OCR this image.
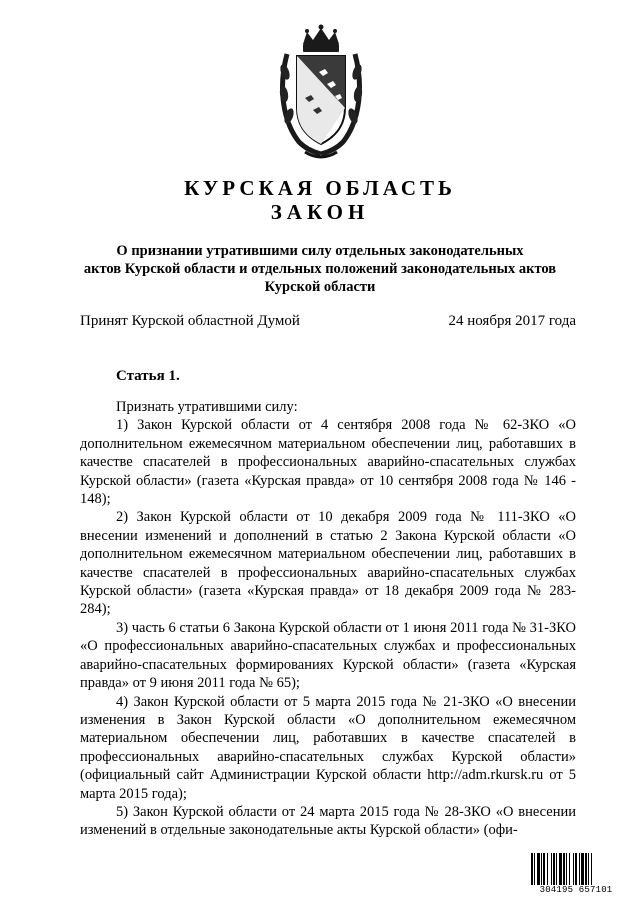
КУРСКАЯ ОБЛАСТЬ
ЗАКОН
О признании утратившими силу отдельных законодательных
актов Курской области и отдельных положений законодательных актов
Курской области
Принят Курской областной Думой	24 ноября 2017 года
Статья 1.

Признать утратившими силу:

1) Закон Курской области от 4 сентября 2008 года № 62-ЗКО «О дополнительном ежемесячном материальном обеспечении лиц, работавших в качестве спасателей в профессиональных аварийно-спасательных службах Курской области» (газета «Курская правда» от 10 сентября 2008 года № 146 - 148);

2) Закон Курской области от 10 декабря 2009 года № 111-ЗКО «О внесении изменений и дополнений в статью 2 Закона Курской области «О дополнительном ежемесячном материальном обеспечении лиц, работавших в качестве спасателей в профессиональных аварийно-спасательных службах Курской области» (газета «Курская правда» от 18 декабря 2009 года № 283-284);

3) часть 6 статьи 6 Закона Курской области от 1 июня 2011 года № 31-ЗКО «О профессиональных аварийно-спасательных службах и профессиональных аварийно-спасательных формированиях Курской области» (газета «Курская правда» от 9 июня 2011 года № 65);

4) Закон Курской области от 5 марта 2015 года № 21-ЗКО «О внесении изменения в Закон Курской области «О дополнительном ежемесячном материальном обеспечении лиц, работавших в качестве спасателей в профессиональных аварийно-спасательных службах Курской области» (официальный сайт Администрации Курской области http://adm.rkursk.ru от 5 марта 2015 года);

5) Закон Курской области от 24 марта 2015 года № 28-ЗКО «О внесении изменений в отдельные законодательные акты Курской области» (офи-

304195 657101
